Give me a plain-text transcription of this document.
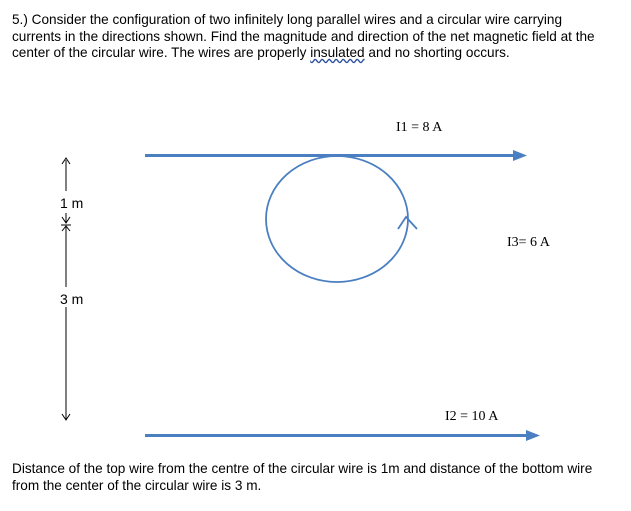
5.) Consider the configuration of two infinitely long parallel wires and a circular wire carrying currents in the directions shown. Find the magnitude and direction of the net magnetic field at the center of the circular wire. The wires are properly insulated and no shorting occurs.

I1 = 8 A
I3= 6 A
I2 = 10 A
1 m
3 m

Distance of the top wire from the centre of the circular wire is 1m and distance of the bottom wire from the center of the circular wire is 3 m.
